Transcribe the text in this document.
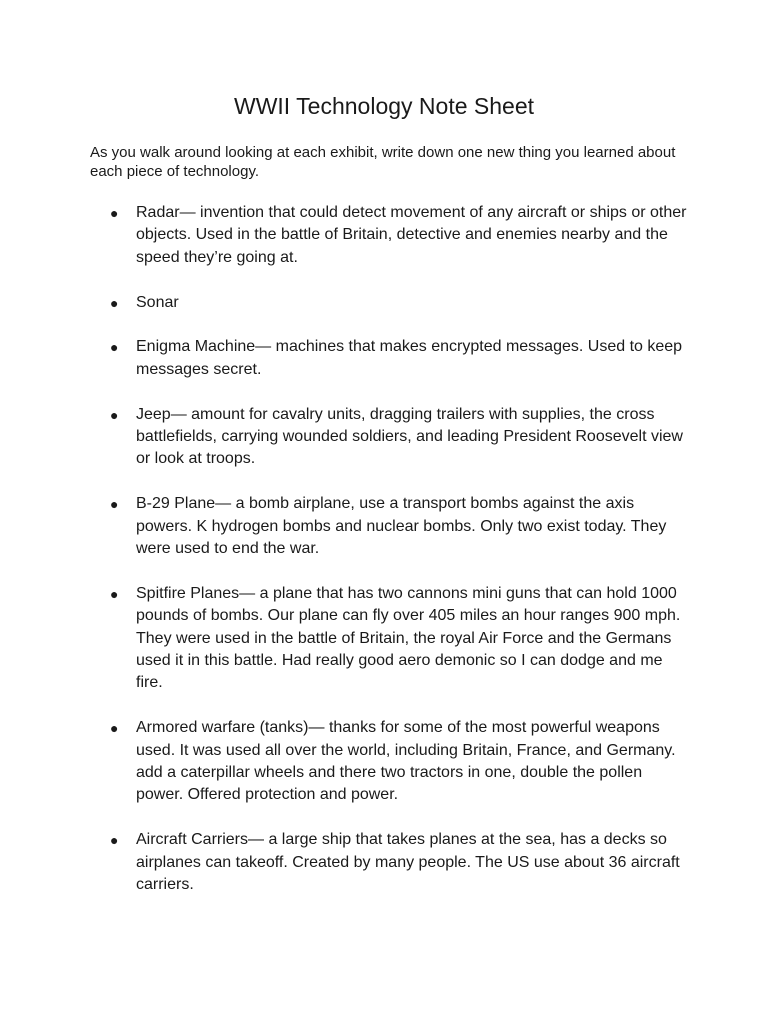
WWII Technology Note Sheet

As you walk around looking at each exhibit, write down one new thing you learned about each piece of technology.

● Radar— invention that could detect movement of any aircraft or ships or other objects. Used in the battle of Britain, detective and enemies nearby and the speed they’re going at.
● Sonar
● Enigma Machine— machines that makes encrypted messages. Used to keep messages secret.
● Jeep— amount for cavalry units, dragging trailers with supplies, the cross battlefields, carrying wounded soldiers, and leading President Roosevelt view or look at troops.
● B-29 Plane— a bomb airplane, use a transport bombs against the axis powers. K hydrogen bombs and nuclear bombs. Only two exist today. They were used to end the war.
● Spitfire Planes— a plane that has two cannons mini guns that can hold 1000 pounds of bombs. Our plane can fly over 405 miles an hour ranges 900 mph. They were used in the battle of Britain, the royal Air Force and the Germans used it in this battle. Had really good aero demonic so I can dodge and me fire.
● Armored warfare (tanks)— thanks for some of the most powerful weapons used. It was used all over the world, including Britain, France, and Germany. add a caterpillar wheels and there two tractors in one, double the pollen power. Offered protection and power.
● Aircraft Carriers— a large ship that takes planes at the sea, has a decks so airplanes can takeoff. Created by many people. The US use about 36 aircraft carriers.
